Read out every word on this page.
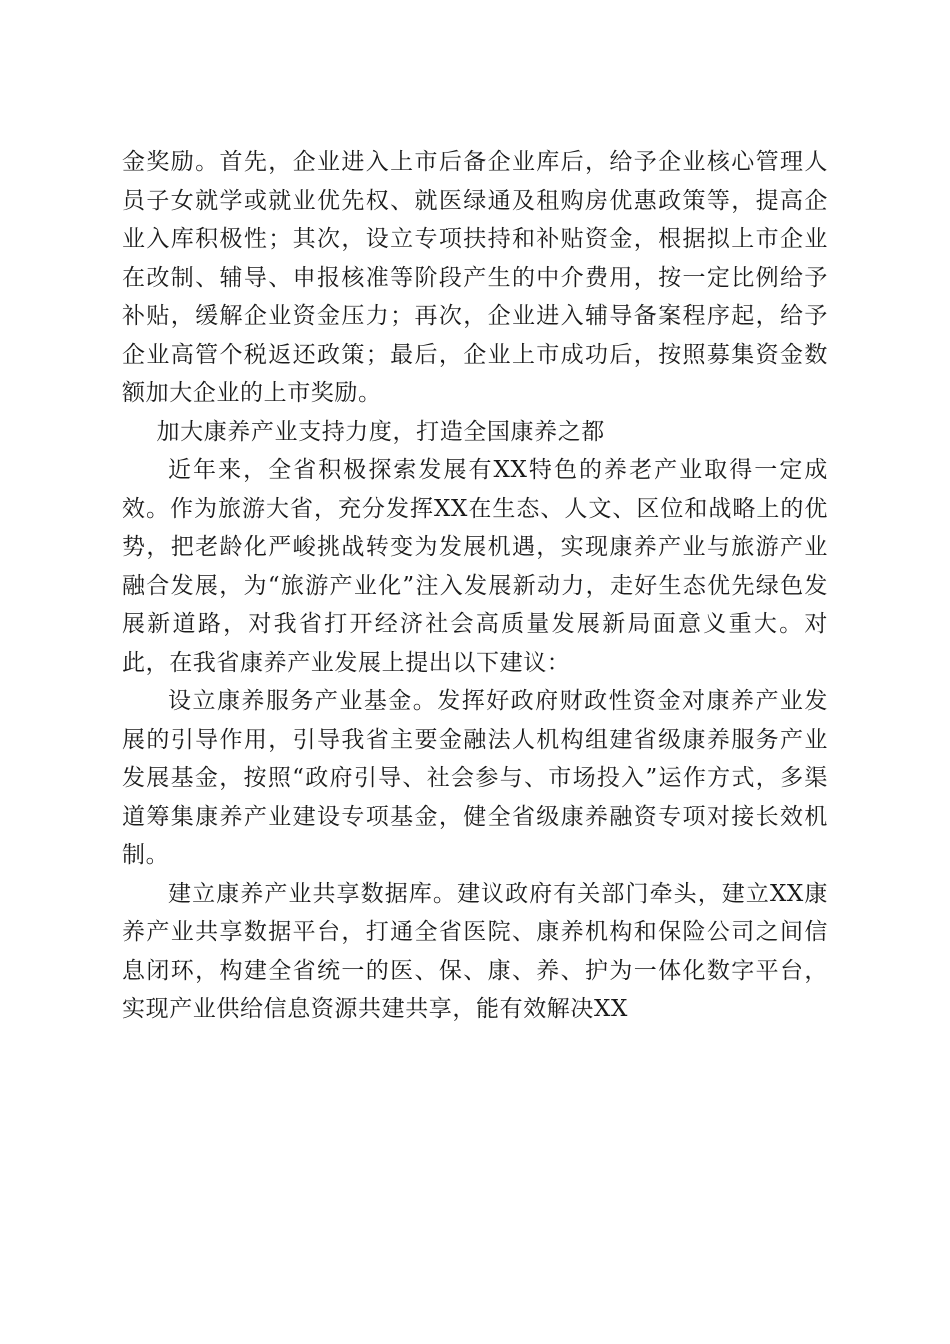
金奖励。首先，企业进入上市后备企业库后，给予企业核心管理人员子女就学或就业优先权、就医绿通及租购房优惠政策等，提高企业入库积极性；其次，设立专项扶持和补贴资金，根据拟上市企业在改制、辅导、申报核准等阶段产生的中介费用，按一定比例给予补贴，缓解企业资金压力；再次，企业进入辅导备案程序起，给予企业高管个税返还政策；最后，企业上市成功后，按照募集资金数额加大企业的上市奖励。

加大康养产业支持力度，打造全国康养之都

近年来，全省积极探索发展有XX特色的养老产业取得一定成效。作为旅游大省，充分发挥XX在生态、人文、区位和战略上的优势，把老龄化严峻挑战转变为发展机遇，实现康养产业与旅游产业融合发展，为“旅游产业化”注入发展新动力，走好生态优先绿色发展新道路，对我省打开经济社会高质量发展新局面意义重大。对此，在我省康养产业发展上提出以下建议：

设立康养服务产业基金。发挥好政府财政性资金对康养产业发展的引导作用，引导我省主要金融法人机构组建省级康养服务产业发展基金，按照“政府引导、社会参与、市场投入”运作方式，多渠道筹集康养产业建设专项基金，健全省级康养融资专项对接长效机制。

建立康养产业共享数据库。建议政府有关部门牵头，建立XX康养产业共享数据平台，打通全省医院、康养机构和保险公司之间信息闭环，构建全省统一的医、保、康、养、护为一体化数字平台，实现产业供给信息资源共建共享，能有效解决XX
